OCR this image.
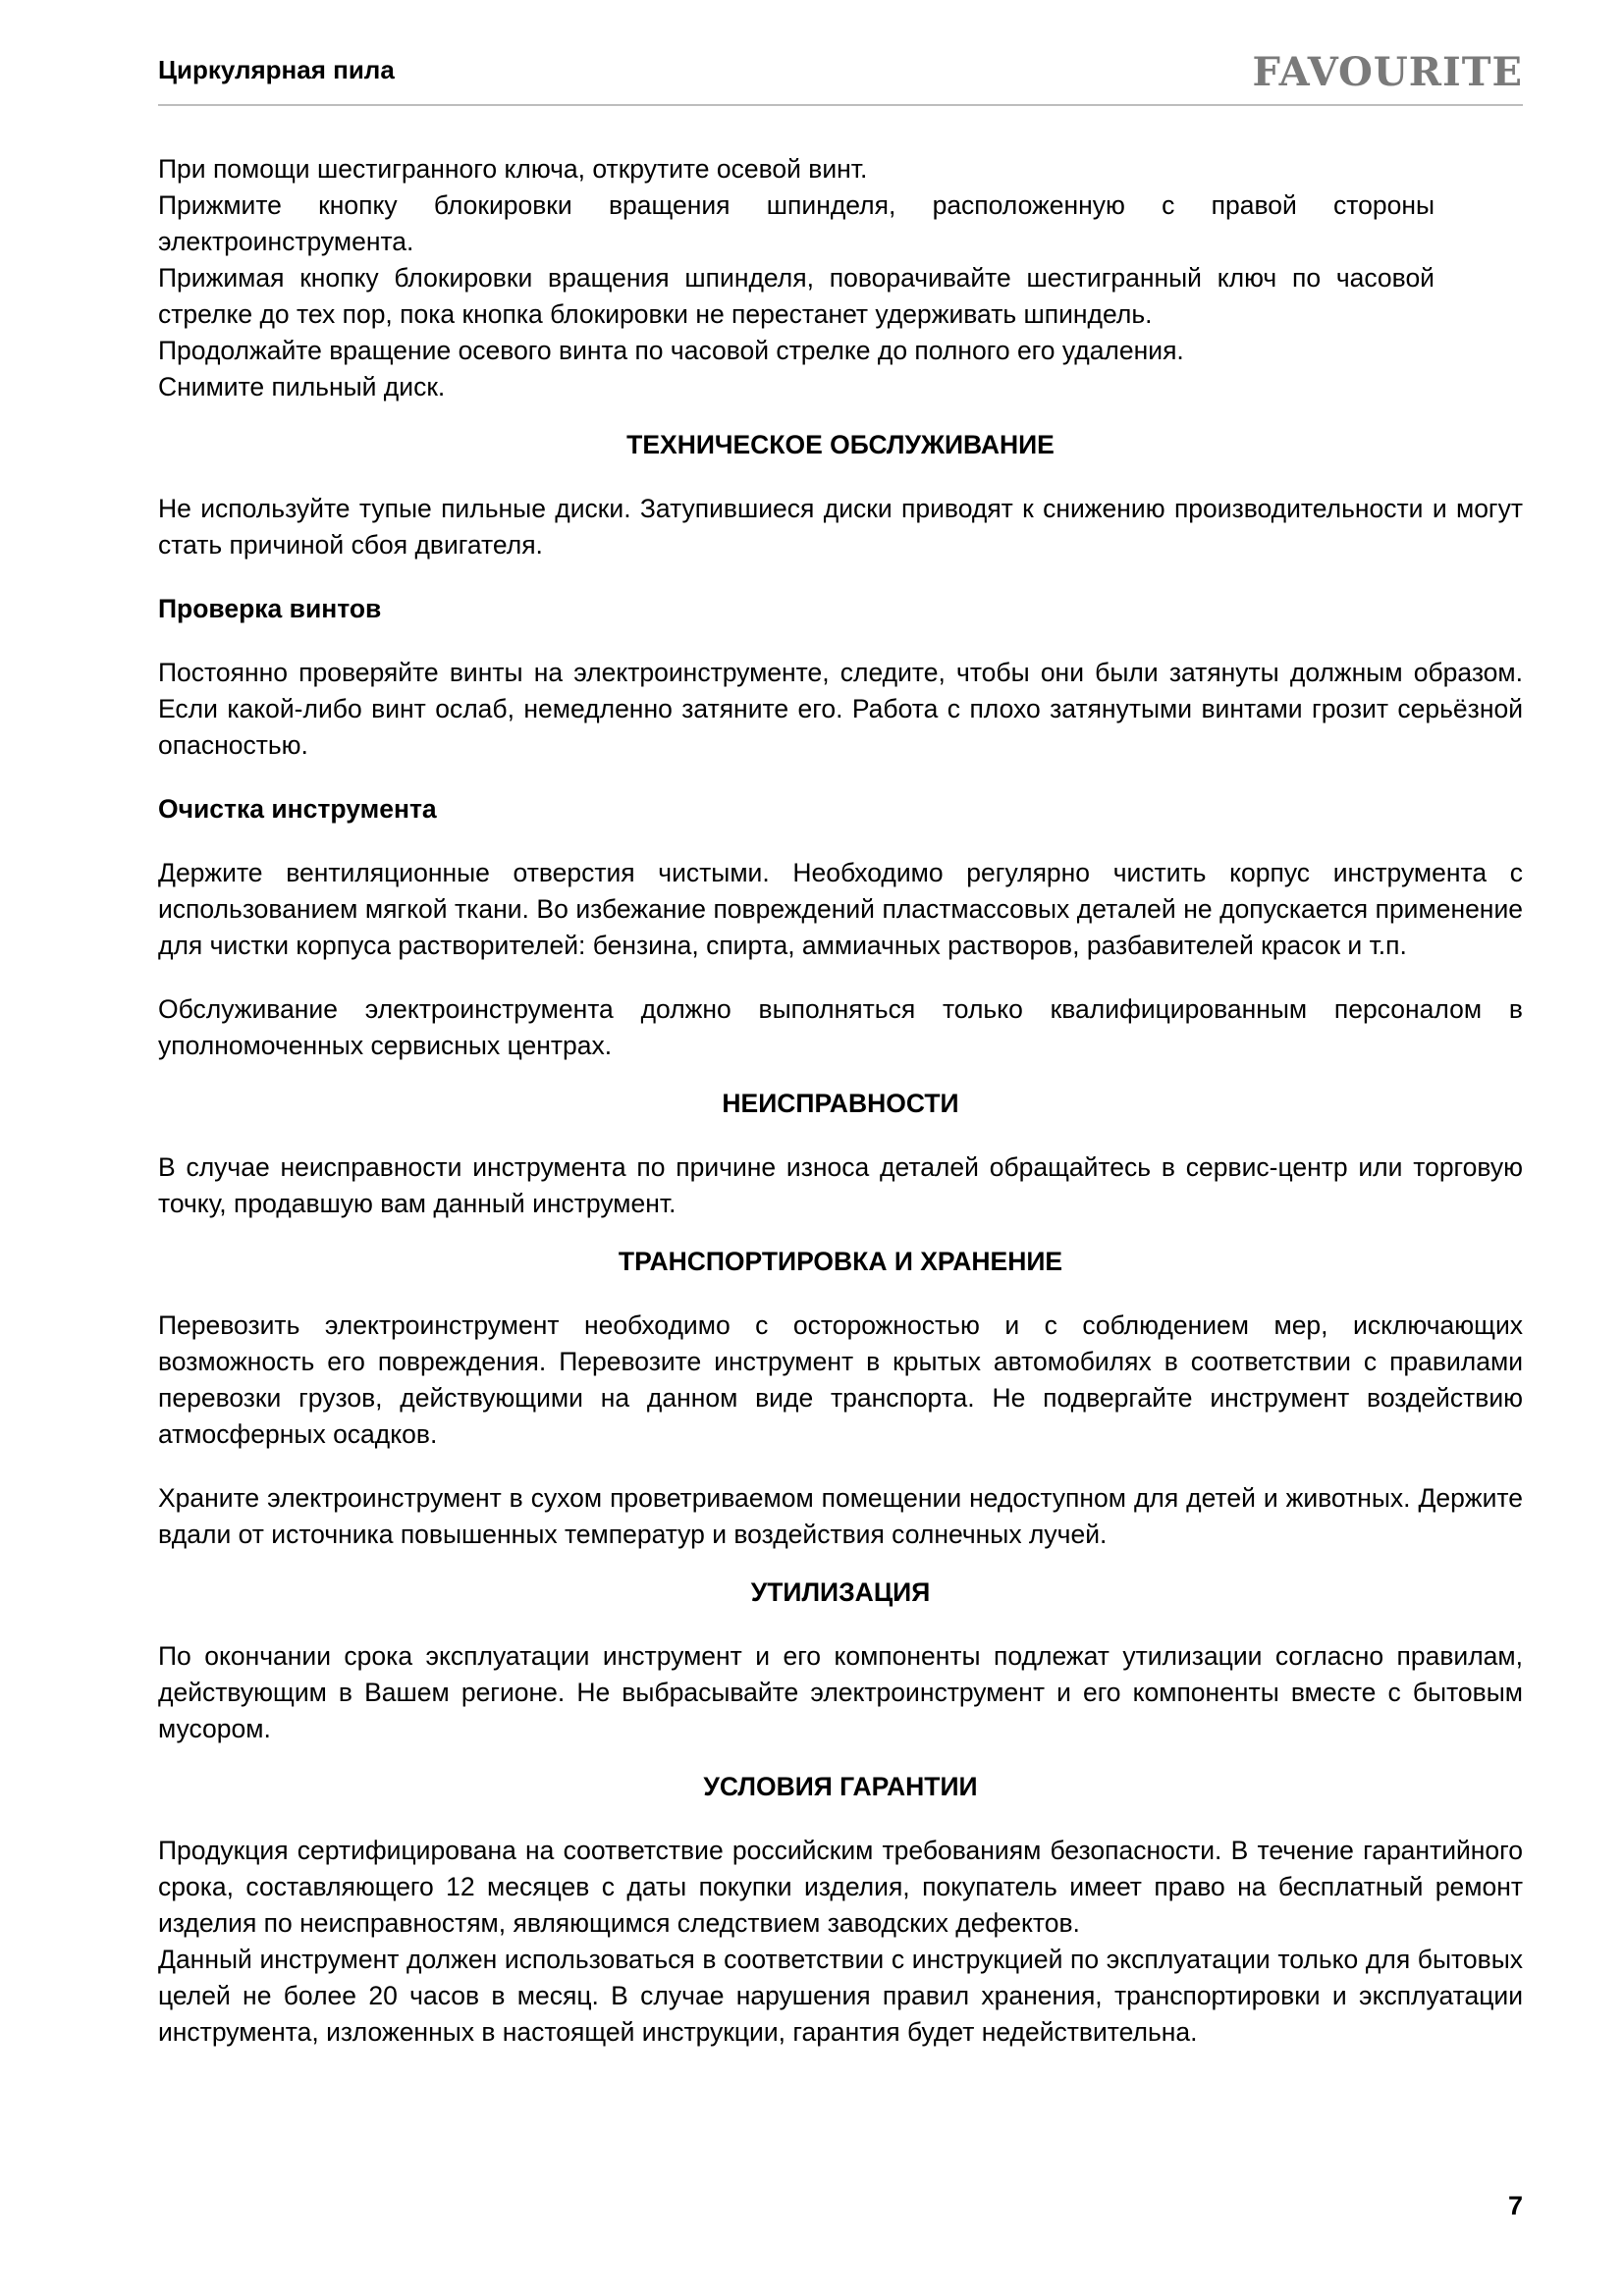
Циркулярная пила	FAVOURITE

При помощи шестигранного ключа, открутите осевой винт.

Прижмите кнопку блокировки вращения шпинделя, расположенную с правой стороны электроинструмента.

Прижимая кнопку блокировки вращения шпинделя, поворачивайте шестигранный ключ по часовой стрелке до тех пор, пока кнопка блокировки не перестанет удерживать шпиндель.

Продолжайте вращение осевого винта по часовой стрелке до полного его удаления.

Снимите пильный диск.

ТЕХНИЧЕСКОЕ ОБСЛУЖИВАНИЕ

Не используйте тупые пильные диски. Затупившиеся диски приводят к снижению производительности и могут стать причиной сбоя двигателя.

Проверка винтов

Постоянно проверяйте винты на электроинструменте, следите, чтобы они были затянуты должным образом. Если какой-либо винт ослаб, немедленно затяните его. Работа с плохо затянутыми винтами грозит серьёзной опасностью.

Очистка инструмента

Держите вентиляционные отверстия чистыми. Необходимо регулярно чистить корпус инструмента с использованием мягкой ткани. Во избежание повреждений пластмассовых деталей не допускается применение для чистки корпуса растворителей: бензина, спирта, аммиачных растворов, разбавителей красок и т.п.

Обслуживание электроинструмента должно выполняться только квалифицированным персоналом в уполномоченных сервисных центрах.

НЕИСПРАВНОСТИ

В случае неисправности инструмента по причине износа деталей обращайтесь в сервис-центр или торговую точку, продавшую вам данный инструмент.

ТРАНСПОРТИРОВКА И ХРАНЕНИЕ

Перевозить электроинструмент необходимо с осторожностью и с соблюдением мер, исключающих возможность его повреждения. Перевозите инструмент в крытых автомобилях в соответствии с правилами перевозки грузов, действующими на данном виде транспорта. Не подвергайте инструмент воздействию атмосферных осадков.

Храните электроинструмент в сухом проветриваемом помещении недоступном для детей и животных. Держите вдали от источника повышенных температур и воздействия солнечных лучей.

УТИЛИЗАЦИЯ

По окончании срока эксплуатации инструмент и его компоненты подлежат утилизации согласно правилам, действующим в Вашем регионе. Не выбрасывайте электроинструмент и его компоненты вместе с бытовым мусором.

УСЛОВИЯ ГАРАНТИИ

Продукция сертифицирована на соответствие российским требованиям безопасности. В течение гарантийного срока, составляющего 12 месяцев с даты покупки изделия, покупатель имеет право на бесплатный ремонт изделия по неисправностям, являющимся следствием заводских дефектов.

Данный инструмент должен использоваться в соответствии с инструкцией по эксплуатации только для бытовых целей не более 20 часов в месяц. В случае нарушения правил хранения, транспортировки и эксплуатации инструмента, изложенных в настоящей инструкции, гарантия будет недействительна.

7
